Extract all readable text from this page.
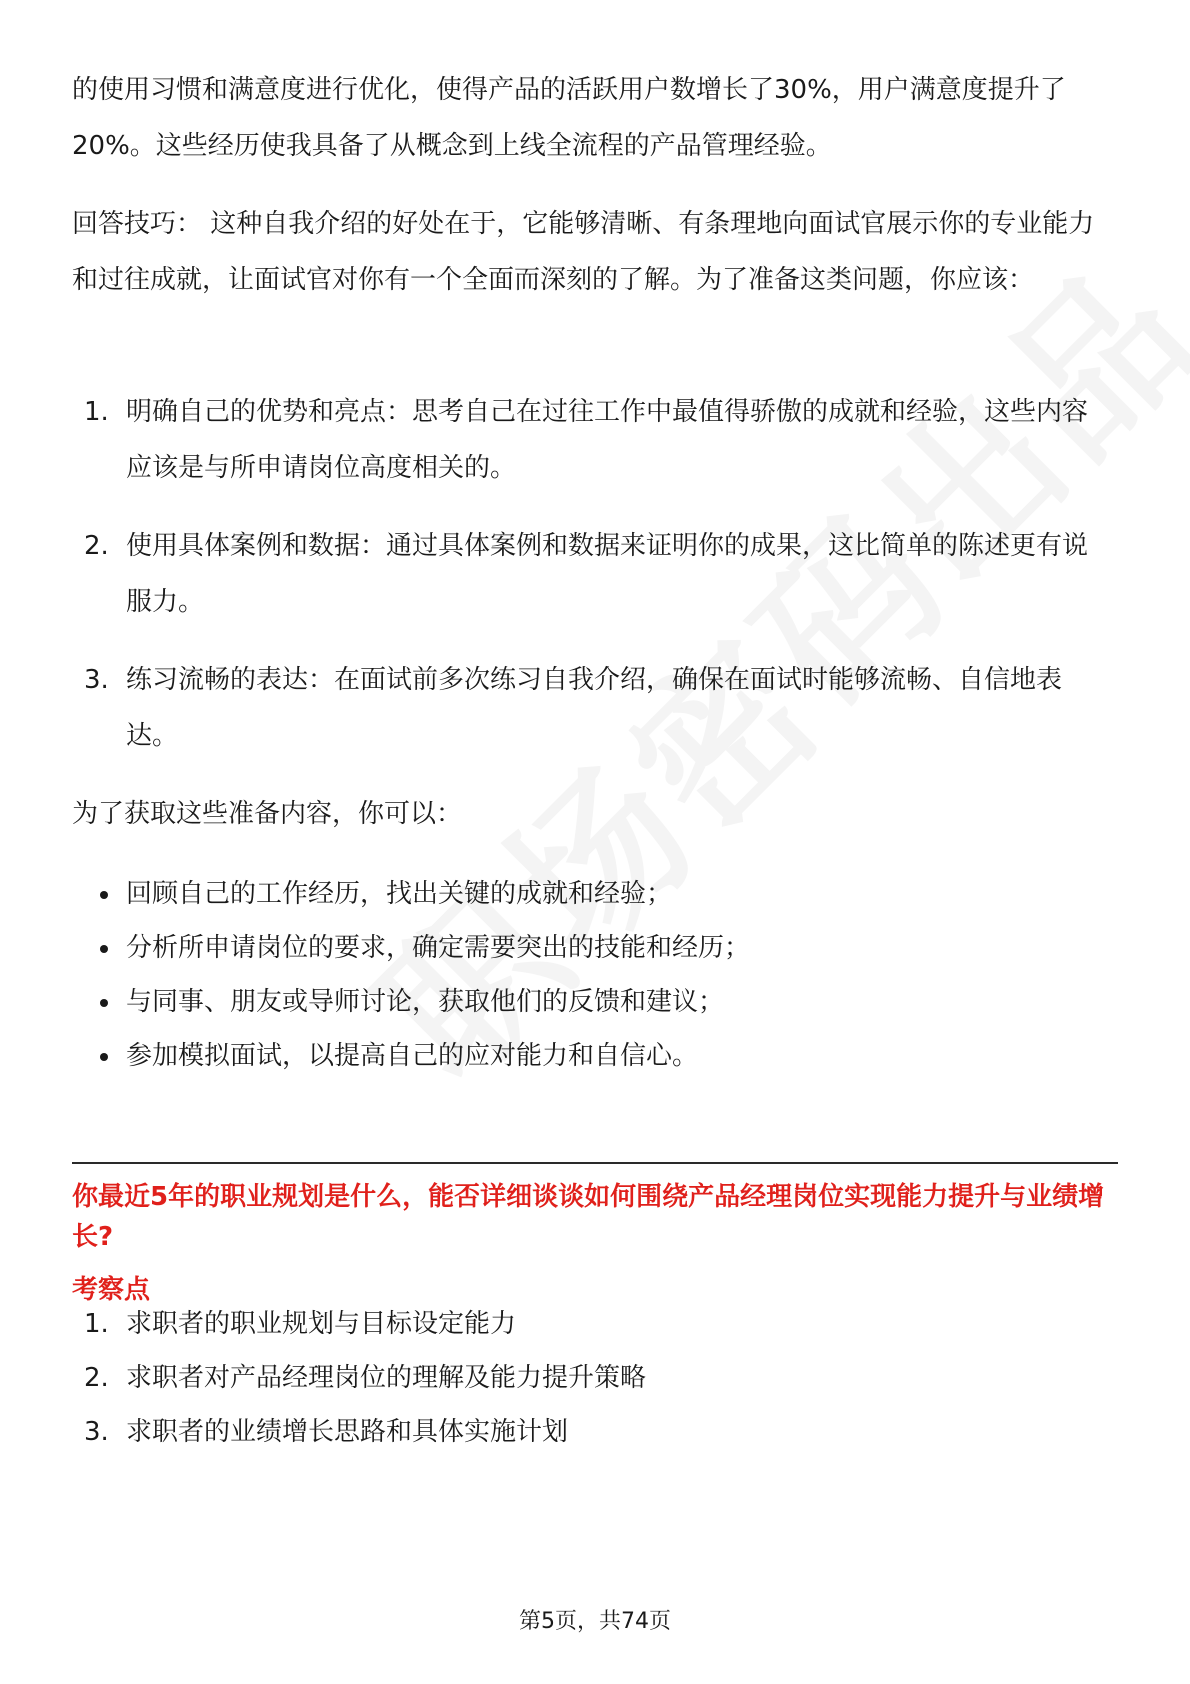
的使用习惯和满意度进行优化，使得产品的活跃用户数增长了30%，用户满意度提升了20%。这些经历使我具备了从概念到上线全流程的产品管理经验。

回答技巧： 这种自我介绍的好处在于，它能够清晰、有条理地向面试官展示你的专业能力和过往成就，让面试官对你有一个全面而深刻的了解。为了准备这类问题，你应该：

1. 明确自己的优势和亮点：思考自己在过往工作中最值得骄傲的成就和经验，这些内容应该是与所申请岗位高度相关的。
2. 使用具体案例和数据：通过具体案例和数据来证明你的成果，这比简单的陈述更有说服力。
3. 练习流畅的表达：在面试前多次练习自我介绍，确保在面试时能够流畅、自信地表达。

为了获取这些准备内容，你可以：

回顾自己的工作经历，找出关键的成就和经验；
分析所申请岗位的要求，确定需要突出的技能和经历；
与同事、朋友或导师讨论，获取他们的反馈和建议；
参加模拟面试，以提高自己的应对能力和自信心。
你最近5年的职业规划是什么，能否详细谈谈如何围绕产品经理岗位实现能力提升与业绩增长?
考察点
1. 求职者的职业规划与目标设定能力
2. 求职者对产品经理岗位的理解及能力提升策略
3. 求职者的业绩增长思路和具体实施计划
第5页，共74页
